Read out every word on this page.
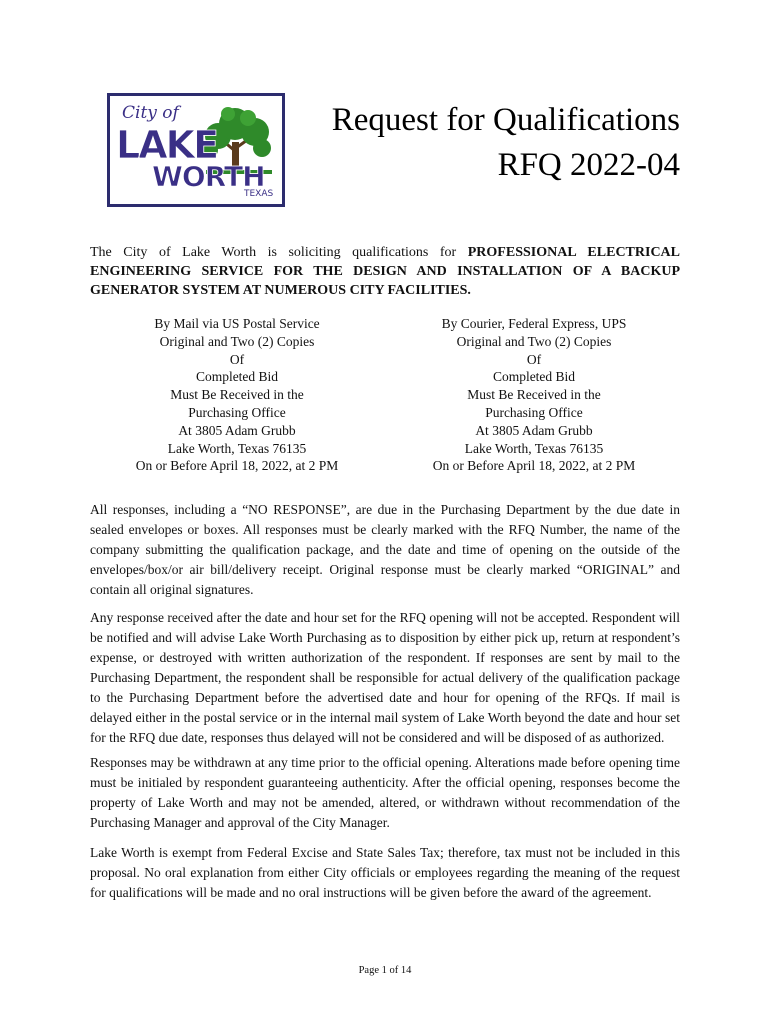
City of
LAKE
WORTH
TEXAS
Request for Qualifications
RFQ 2022-04

The City of Lake Worth is soliciting qualifications for PROFESSIONAL ELECTRICAL ENGINEERING SERVICE FOR THE DESIGN AND INSTALLATION OF A BACKUP GENERATOR SYSTEM AT NUMEROUS CITY FACILITIES.

By Mail via US Postal Service
Original and Two (2) Copies
Of
Completed Bid
Must Be Received in the
Purchasing Office
At 3805 Adam Grubb
Lake Worth, Texas 76135
On or Before April 18, 2022, at 2 PM
By Courier, Federal Express, UPS
Original and Two (2) Copies
Of
Completed Bid
Must Be Received in the
Purchasing Office
At 3805 Adam Grubb
Lake Worth, Texas 76135
On or Before April 18, 2022, at 2 PM

All responses, including a “NO RESPONSE”, are due in the Purchasing Department by the due date in sealed envelopes or boxes. All responses must be clearly marked with the RFQ Number, the name of the company submitting the qualification package, and the date and time of opening on the outside of the envelopes/box/or air bill/delivery receipt. Original response must be clearly marked “ORIGINAL” and contain all original signatures.

Any response received after the date and hour set for the RFQ opening will not be accepted. Respondent will be notified and will advise Lake Worth Purchasing as to disposition by either pick up, return at respondent’s expense, or destroyed with written authorization of the respondent. If responses are sent by mail to the Purchasing Department, the respondent shall be responsible for actual delivery of the qualification package to the Purchasing Department before the advertised date and hour for opening of the RFQs. If mail is delayed either in the postal service or in the internal mail system of Lake Worth beyond the date and hour set for the RFQ due date, responses thus delayed will not be considered and will be disposed of as authorized.

Responses may be withdrawn at any time prior to the official opening. Alterations made before opening time must be initialed by respondent guaranteeing authenticity. After the official opening, responses become the property of Lake Worth and may not be amended, altered, or withdrawn without recommendation of the Purchasing Manager and approval of the City Manager.

Lake Worth is exempt from Federal Excise and State Sales Tax; therefore, tax must not be included in this proposal. No oral explanation from either City officials or employees regarding the meaning of the request for qualifications will be made and no oral instructions will be given before the award of the agreement.

Page 1 of 14
